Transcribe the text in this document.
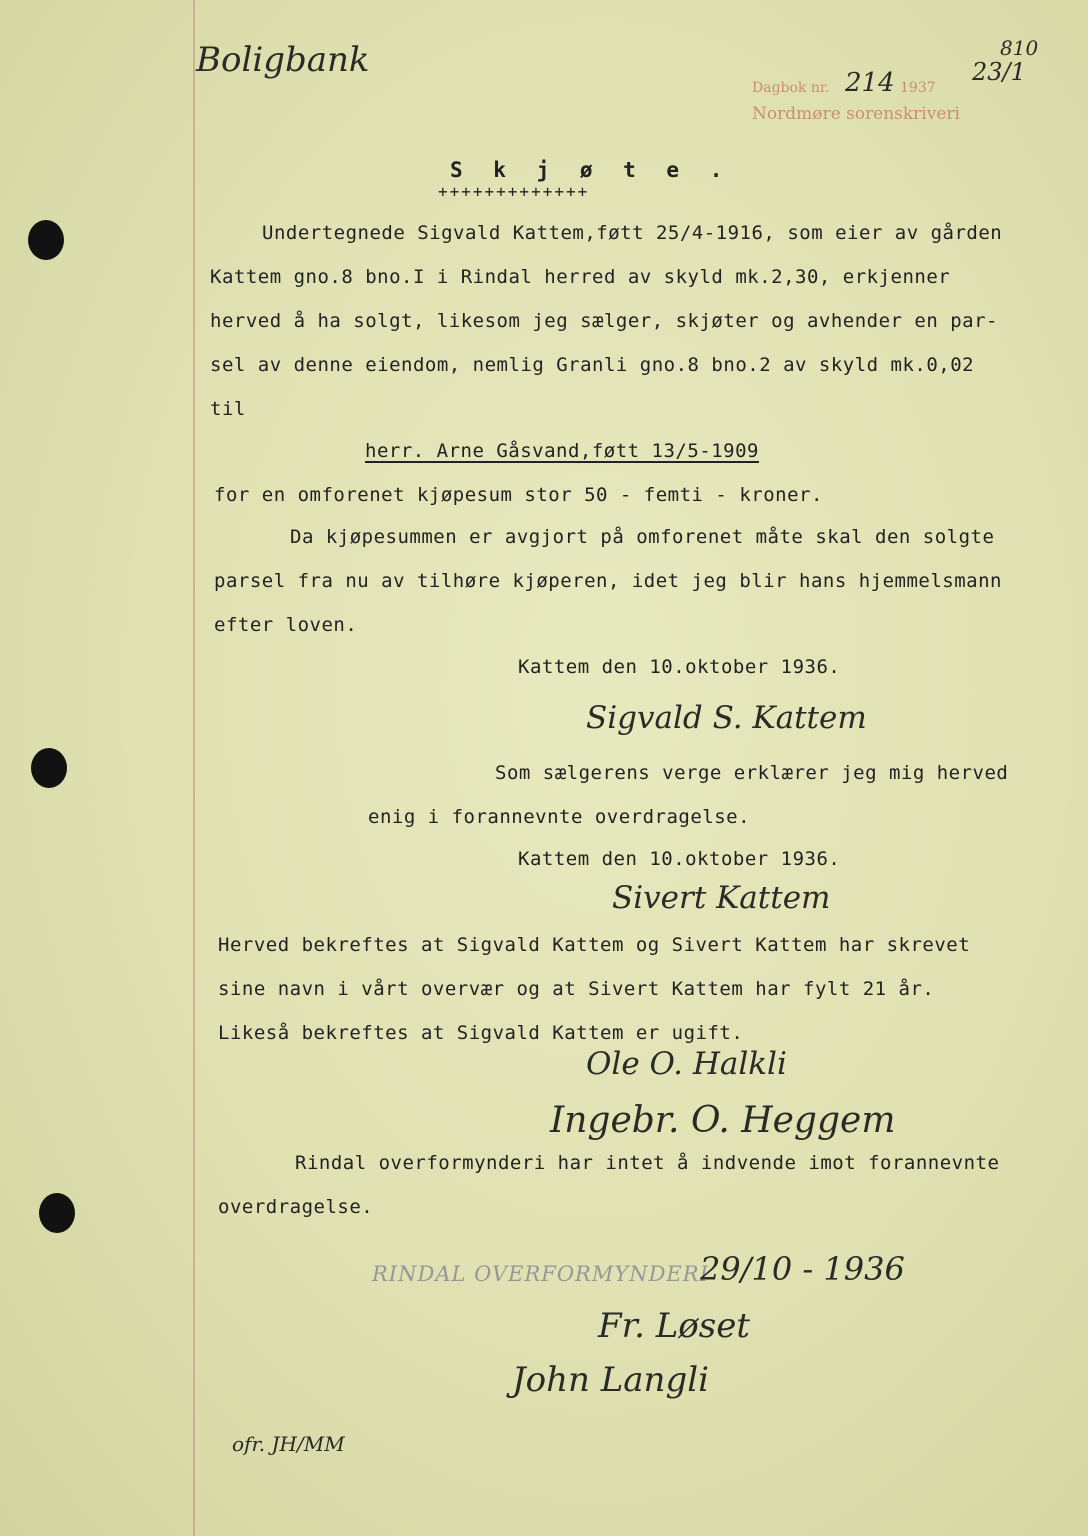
Boligbank
Dagbok nr. 214 1937
23/1
810
Nordmøre sorenskriveri
S k j ø t e .
+++++++++++++
Undertegnede Sigvald Kattem,føtt 25/4-1916, som eier av gården
Kattem gno.8 bno.I i Rindal herred av skyld mk.2,30, erkjenner
herved å ha solgt, likesom jeg sælger, skjøter og avhender en par-
sel av denne eiendom, nemlig Granli gno.8 bno.2 av skyld mk.0,02
til
herr. Arne Gåsvand,føtt 13/5-1909
for en omforenet kjøpesum stor 50 - femti - kroner.
Da kjøpesummen er avgjort på omforenet måte skal den solgte
parsel fra nu av tilhøre kjøperen, idet jeg blir hans hjemmelsmann
efter loven.
Kattem den 10.oktober 1936.
Sigvald S. Kattem
Som sælgerens verge erklærer jeg mig herved
enig i forannevnte overdragelse.
Kattem den 10.oktober 1936.
Sivert Kattem
Herved bekreftes at Sigvald Kattem og Sivert Kattem har skrevet
sine navn i vårt overvær og at Sivert Kattem har fylt 21 år.
Likeså bekreftes at Sigvald Kattem er ugift.
Ole O. Halkli
Ingebr. O. Heggem
Rindal overformynderi har intet å indvende imot forannevnte
overdragelse.
RINDAL OVERFORMYNDERI
29/10 - 1936
Fr. Løset
John Langli
ofr. JH/MM
